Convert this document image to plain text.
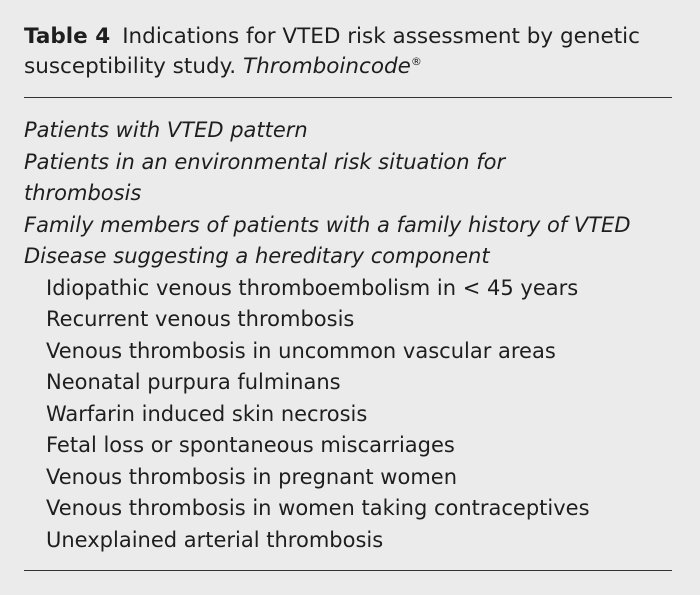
Table 4 Indications for VTED risk assessment by genetic susceptibility study. Thromboincode®
Patients with VTED pattern
Patients in an environmental risk situation for thrombosis
Family members of patients with a family history of VTED
Disease suggesting a hereditary component
Idiopathic venous thromboembolism in < 45 years
Recurrent venous thrombosis
Venous thrombosis in uncommon vascular areas
Neonatal purpura fulminans
Warfarin induced skin necrosis
Fetal loss or spontaneous miscarriages
Venous thrombosis in pregnant women
Venous thrombosis in women taking contraceptives
Unexplained arterial thrombosis
